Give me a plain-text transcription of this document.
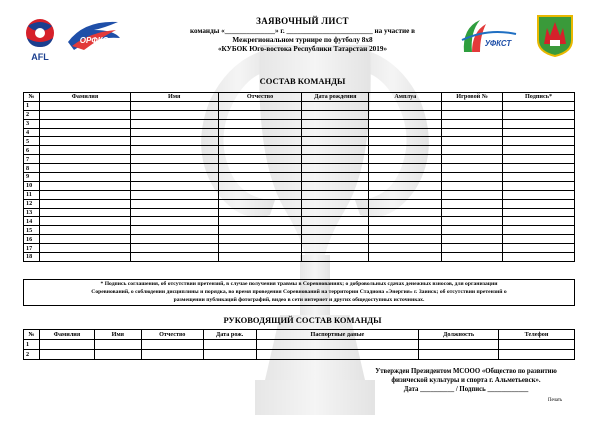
AFL
ОРФКС	УФКСТ
ЗАЯВОЧНЫЙ ЛИСТ
команды «______________» г. ________________________ на участие в
Межрегиональном турнире по футболу 8x8
«КУБОК Юго-востока Республики Татарстан 2019»
СОСТАВ КОМАНДЫ
№	Фамилия	Имя	Отчество	Дата рождения	Амплуа	Игровой №	Подпись*
1							
2							
3							
4							
5							
6							
7							
8							
9							
10							
11							
12							
13							
14							
15							
16							
17							
18							
* Подпись соглашения, об отсутствии претензий, в случае получения травмы в Соревнованиях; о добровольных сдачах денежных взносов, для организации
Соревнований, о соблюдении дисциплины и порядка, во время проведения Соревнований на территории Стадиона «Энергия» г. Заинск; об отсутствии претензий о
размещении публикаций фотографий, видео в сети интернет и других общедоступных источниках.
РУКОВОДЯЩИЙ СОСТАВ КОМАНДЫ
№	Фамилия	Имя	Отчество	Дата рож.	Паспортные даные	Должность	Телефон
1							
2							
Утвержден Президентом МСООО «Общество по развитию
физической культуры и спорта г. Альметьевск».
Дата __________ / Подпись ____________
Печать
